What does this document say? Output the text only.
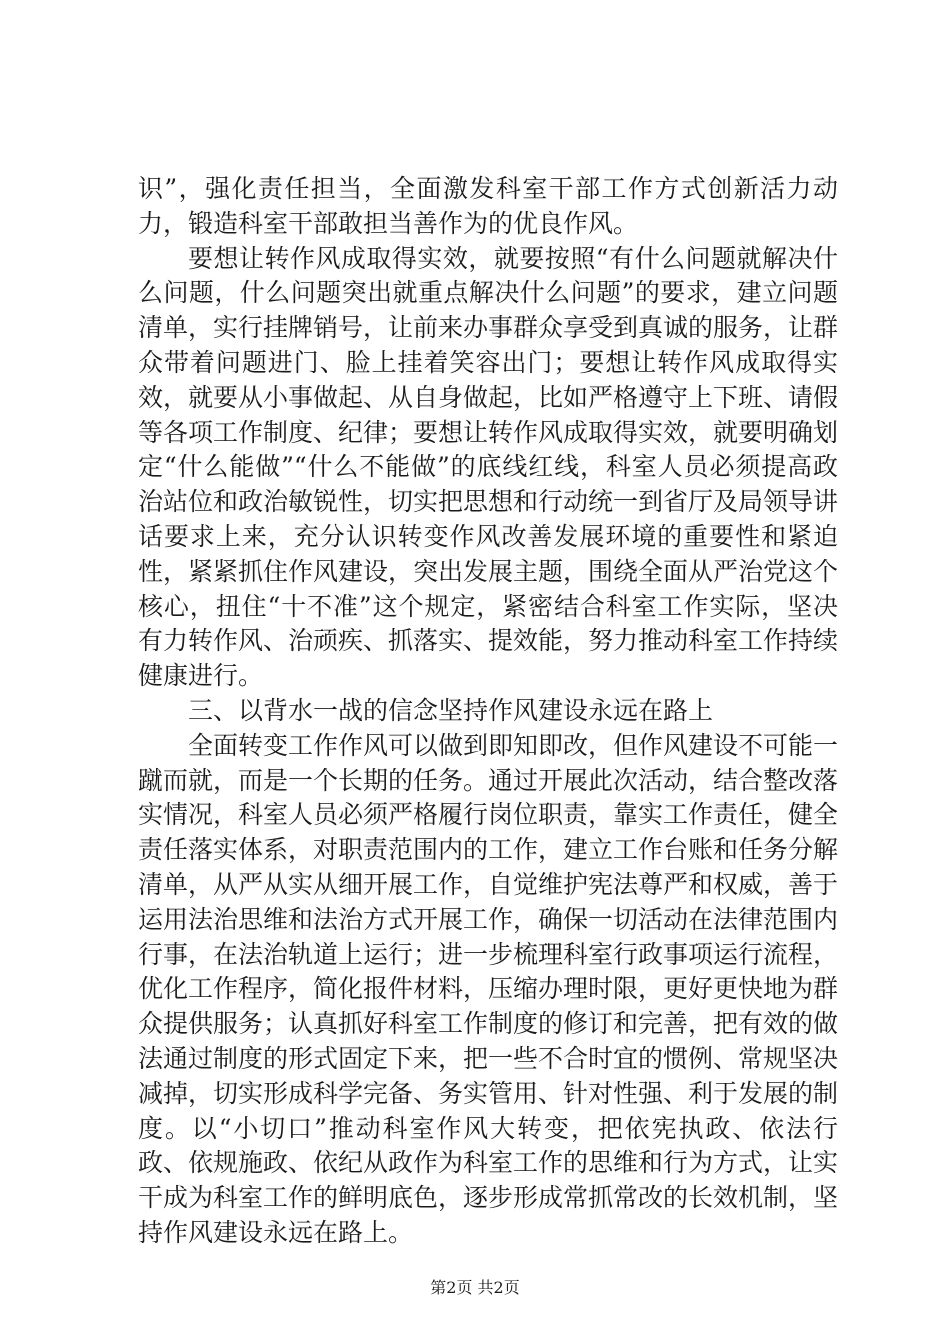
识”，强化责任担当，全面激发科室干部工作方式创新活力动力，锻造科室干部敢担当善作为的优良作风。

要想让转作风成取得实效，就要按照“有什么问题就解决什么问题，什么问题突出就重点解决什么问题”的要求，建立问题清单，实行挂牌销号，让前来办事群众享受到真诚的服务，让群众带着问题进门、脸上挂着笑容出门；要想让转作风成取得实效，就要从小事做起、从自身做起，比如严格遵守上下班、请假等各项工作制度、纪律；要想让转作风成取得实效，就要明确划定“什么能做”“什么不能做”的底线红线，科室人员必须提高政治站位和政治敏锐性，切实把思想和行动统一到省厅及局领导讲话要求上来，充分认识转变作风改善发展环境的重要性和紧迫性，紧紧抓住作风建设，突出发展主题，围绕全面从严治党这个核心，扭住“十不准”这个规定，紧密结合科室工作实际，坚决有力转作风、治顽疾、抓落实、提效能，努力推动科室工作持续健康进行。

三、以背水一战的信念坚持作风建设永远在路上

全面转变工作作风可以做到即知即改，但作风建设不可能一蹴而就，而是一个长期的任务。通过开展此次活动，结合整改落实情况，科室人员必须严格履行岗位职责，靠实工作责任，健全责任落实体系，对职责范围内的工作，建立工作台账和任务分解清单，从严从实从细开展工作，自觉维护宪法尊严和权威，善于运用法治思维和法治方式开展工作，确保一切活动在法律范围内行事，在法治轨道上运行；进一步梳理科室行政事项运行流程，优化工作程序，简化报件材料，压缩办理时限，更好更快地为群众提供服务；认真抓好科室工作制度的修订和完善，把有效的做法通过制度的形式固定下来，把一些不合时宜的惯例、常规坚决减掉，切实形成科学完备、务实管用、针对性强、利于发展的制度。以“小切口”推动科室作风大转变，把依宪执政、依法行政、依规施政、依纪从政作为科室工作的思维和行为方式，让实干成为科室工作的鲜明底色，逐步形成常抓常改的长效机制，坚持作风建设永远在路上。

第2页 共2页
